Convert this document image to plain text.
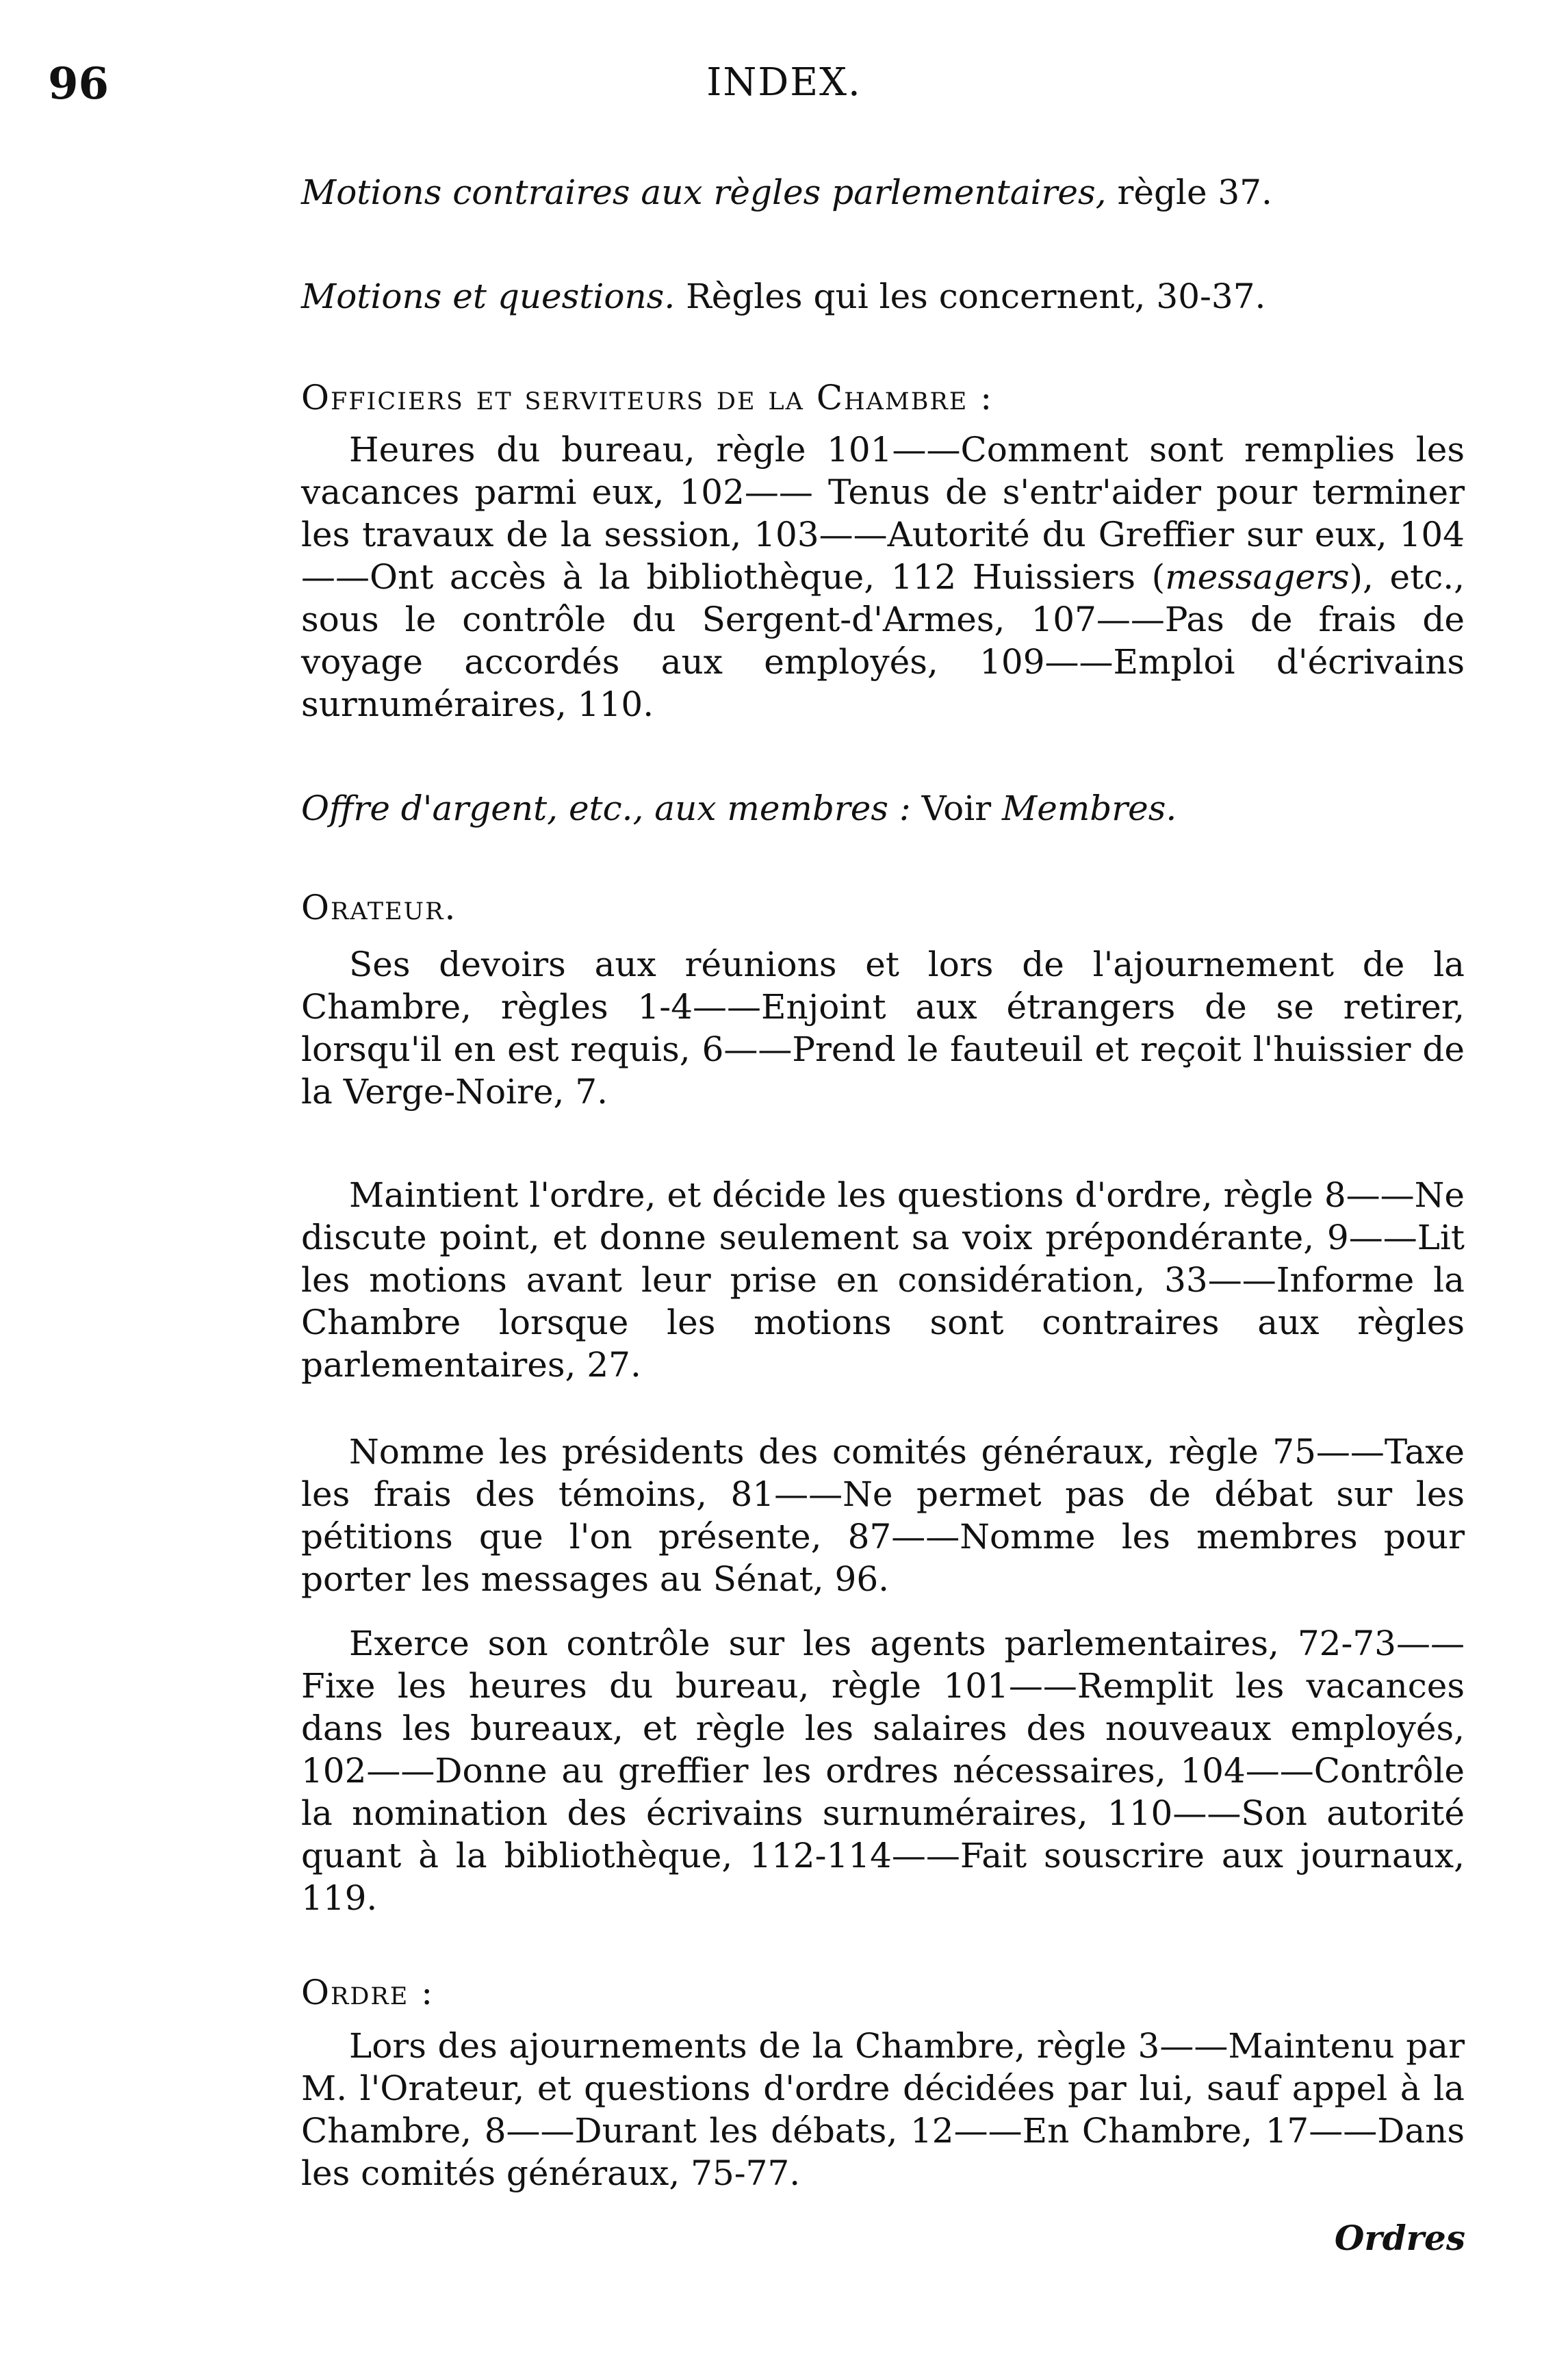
96	INDEX.
Motions contraires aux règles parlementaires, règle 37.
Motions et questions. Règles qui les concernent, 30-37.
Officiers et serviteurs de la Chambre :
Heures du bureau, règle 101——Comment sont remplies les vacances parmi eux, 102—— Tenus de s'entr'aider pour terminer les travaux de la session, 103——Autorité du Greffier sur eux, 104——Ont accès à la bibliothèque, 112 Huissiers (messagers), etc., sous le contrôle du Sergent-d'Armes, 107——Pas de frais de voyage accordés aux employés, 109——Emploi d'écrivains surnuméraires, 110.
Offre d'argent, etc., aux membres : Voir Membres.
Orateur.
Ses devoirs aux réunions et lors de l'ajournement de la Chambre, règles 1-4——Enjoint aux étrangers de se retirer, lorsqu'il en est requis, 6——Prend le fauteuil et reçoit l'huissier de la Verge-Noire, 7.
Maintient l'ordre, et décide les questions d'ordre, règle 8——Ne discute point, et donne seulement sa voix prépondérante, 9——Lit les motions avant leur prise en considération, 33——Informe la Chambre lorsque les motions sont contraires aux règles parlementaires, 27.
Nomme les présidents des comités généraux, règle 75——Taxe les frais des témoins, 81——Ne permet pas de débat sur les pétitions que l'on présente, 87——Nomme les membres pour porter les messages au Sénat, 96.
Exerce son contrôle sur les agents parlementaires, 72-73——Fixe les heures du bureau, règle 101——Remplit les vacances dans les bureaux, et règle les salaires des nouveaux employés, 102——Donne au greffier les ordres nécessaires, 104——Contrôle la nomination des écrivains surnuméraires, 110——Son autorité quant à la bibliothèque, 112-114——Fait souscrire aux journaux, 119.
Ordre :
Lors des ajournements de la Chambre, règle 3——Maintenu par M. l'Orateur, et questions d'ordre décidées par lui, sauf appel à la Chambre, 8——Durant les débats, 12——En Chambre, 17——Dans les comités généraux, 75-77.
Ordres
